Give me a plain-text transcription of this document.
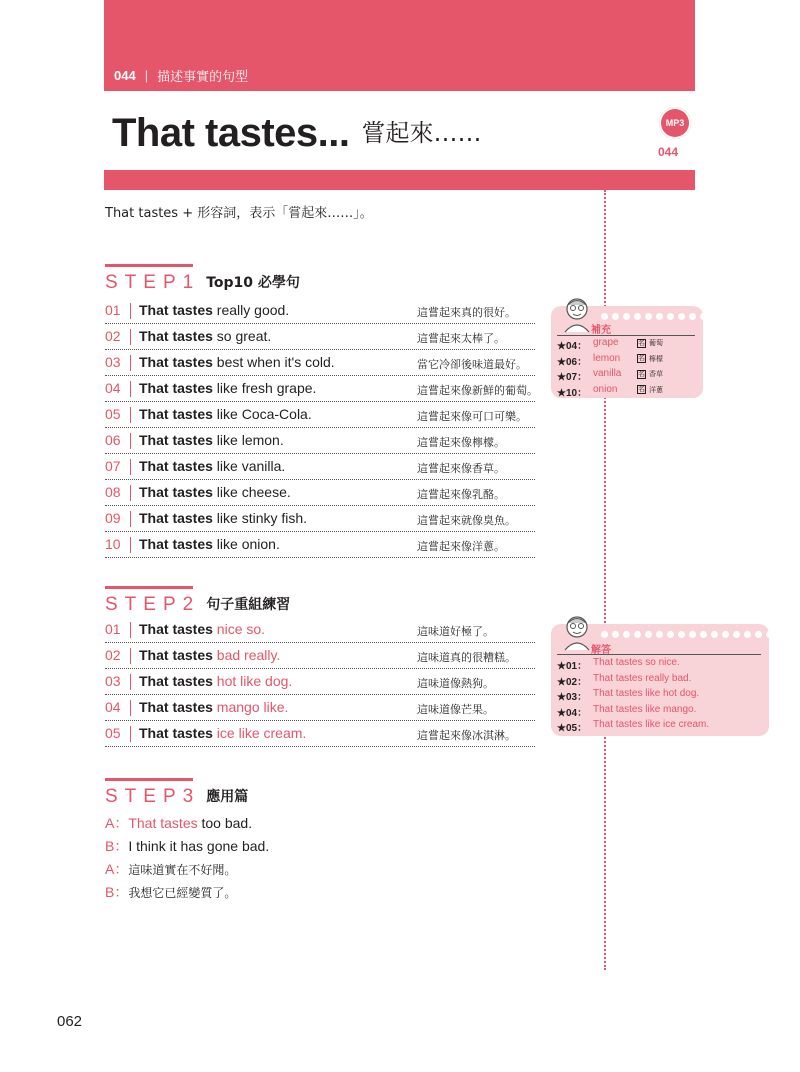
044 | 描述事實的句型
That tastes... 嘗起來……	MP3
044
That tastes + 形容詞，表示「嘗起來……」。
STEP1 Top10 必學句
01	That tastes really good.	這嘗起來真的很好。
02	That tastes so great.	這嘗起來太棒了。
03	That tastes best when it's cold.	當它冷卻後味道最好。
04	That tastes like fresh grape.	這嘗起來像新鮮的葡萄。
05	That tastes like Coca-Cola.	這嘗起來像可口可樂。
06	That tastes like lemon.	這嘗起來像檸檬。
07	That tastes like vanilla.	這嘗起來像香草。
08	That tastes like cheese.	這嘗起來像乳酪。
09	That tastes like stinky fish.	這嘗起來就像臭魚。
10	That tastes like onion.	這嘗起來像洋蔥。
補充
★04： grape	名 葡萄
★06： lemon	名 檸檬
★07： vanilla 名 香草
★10： onion	名 洋蔥
STEP2 句子重組練習
01	That tastes nice so.	這味道好極了。
02	That tastes bad really.	這味道真的很糟糕。
03	That tastes hot like dog.	這味道像熱狗。
04	That tastes mango like.	這味道像芒果。
05	That tastes ice like cream.	這嘗起來像冰淇淋。
解答
★01： That tastes so nice.
★02： That tastes really bad.
★03： That tastes like hot dog.
★04： That tastes like mango.
★05： That tastes like ice cream.
STEP3 應用篇
A：That tastes too bad.
B：I think it has gone bad.
A：這味道實在不好聞。
B：我想它已經變質了。
062
